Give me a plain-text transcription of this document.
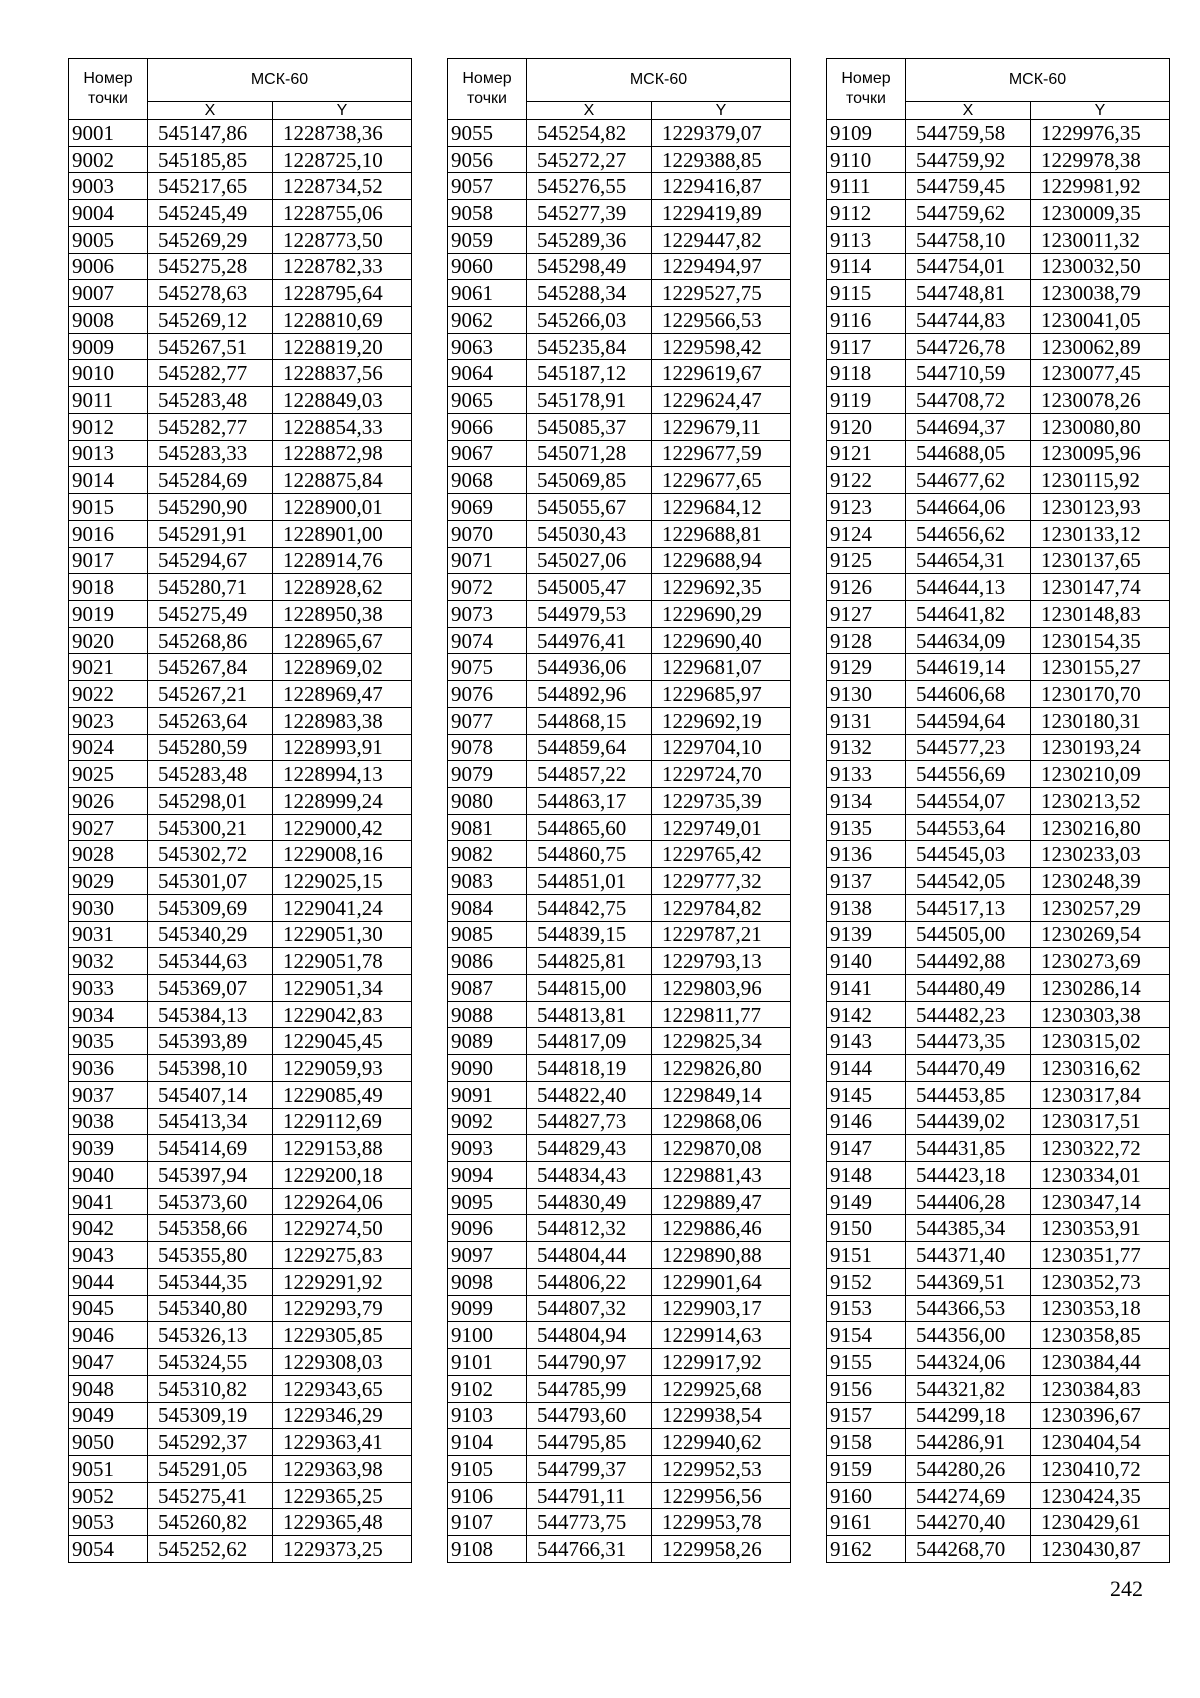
Номер точки	МСК-60	
	X	Y
9001	545147,86	1228738,36
9002	545185,85	1228725,10
9003	545217,65	1228734,52
9004	545245,49	1228755,06
9005	545269,29	1228773,50
9006	545275,28	1228782,33
9007	545278,63	1228795,64
9008	545269,12	1228810,69
9009	545267,51	1228819,20
9010	545282,77	1228837,56
9011	545283,48	1228849,03
9012	545282,77	1228854,33
9013	545283,33	1228872,98
9014	545284,69	1228875,84
9015	545290,90	1228900,01
9016	545291,91	1228901,00
9017	545294,67	1228914,76
9018	545280,71	1228928,62
9019	545275,49	1228950,38
9020	545268,86	1228965,67
9021	545267,84	1228969,02
9022	545267,21	1228969,47
9023	545263,64	1228983,38
9024	545280,59	1228993,91
9025	545283,48	1228994,13
9026	545298,01	1228999,24
9027	545300,21	1229000,42
9028	545302,72	1229008,16
9029	545301,07	1229025,15
9030	545309,69	1229041,24
9031	545340,29	1229051,30
9032	545344,63	1229051,78
9033	545369,07	1229051,34
9034	545384,13	1229042,83
9035	545393,89	1229045,45
9036	545398,10	1229059,93
9037	545407,14	1229085,49
9038	545413,34	1229112,69
9039	545414,69	1229153,88
9040	545397,94	1229200,18
9041	545373,60	1229264,06
9042	545358,66	1229274,50
9043	545355,80	1229275,83
9044	545344,35	1229291,92
9045	545340,80	1229293,79
9046	545326,13	1229305,85
9047	545324,55	1229308,03
9048	545310,82	1229343,65
9049	545309,19	1229346,29
9050	545292,37	1229363,41
9051	545291,05	1229363,98
9052	545275,41	1229365,25
9053	545260,82	1229365,48
9054	545252,62	1229373,25
Номер точки	МСК-60	
	X	Y
9055	545254,82	1229379,07
9056	545272,27	1229388,85
9057	545276,55	1229416,87
9058	545277,39	1229419,89
9059	545289,36	1229447,82
9060	545298,49	1229494,97
9061	545288,34	1229527,75
9062	545266,03	1229566,53
9063	545235,84	1229598,42
9064	545187,12	1229619,67
9065	545178,91	1229624,47
9066	545085,37	1229679,11
9067	545071,28	1229677,59
9068	545069,85	1229677,65
9069	545055,67	1229684,12
9070	545030,43	1229688,81
9071	545027,06	1229688,94
9072	545005,47	1229692,35
9073	544979,53	1229690,29
9074	544976,41	1229690,40
9075	544936,06	1229681,07
9076	544892,96	1229685,97
9077	544868,15	1229692,19
9078	544859,64	1229704,10
9079	544857,22	1229724,70
9080	544863,17	1229735,39
9081	544865,60	1229749,01
9082	544860,75	1229765,42
9083	544851,01	1229777,32
9084	544842,75	1229784,82
9085	544839,15	1229787,21
9086	544825,81	1229793,13
9087	544815,00	1229803,96
9088	544813,81	1229811,77
9089	544817,09	1229825,34
9090	544818,19	1229826,80
9091	544822,40	1229849,14
9092	544827,73	1229868,06
9093	544829,43	1229870,08
9094	544834,43	1229881,43
9095	544830,49	1229889,47
9096	544812,32	1229886,46
9097	544804,44	1229890,88
9098	544806,22	1229901,64
9099	544807,32	1229903,17
9100	544804,94	1229914,63
9101	544790,97	1229917,92
9102	544785,99	1229925,68
9103	544793,60	1229938,54
9104	544795,85	1229940,62
9105	544799,37	1229952,53
9106	544791,11	1229956,56
9107	544773,75	1229953,78
9108	544766,31	1229958,26
Номер точки	МСК-60	
	X	Y
9109	544759,58	1229976,35
9110	544759,92	1229978,38
9111	544759,45	1229981,92
9112	544759,62	1230009,35
9113	544758,10	1230011,32
9114	544754,01	1230032,50
9115	544748,81	1230038,79
9116	544744,83	1230041,05
9117	544726,78	1230062,89
9118	544710,59	1230077,45
9119	544708,72	1230078,26
9120	544694,37	1230080,80
9121	544688,05	1230095,96
9122	544677,62	1230115,92
9123	544664,06	1230123,93
9124	544656,62	1230133,12
9125	544654,31	1230137,65
9126	544644,13	1230147,74
9127	544641,82	1230148,83
9128	544634,09	1230154,35
9129	544619,14	1230155,27
9130	544606,68	1230170,70
9131	544594,64	1230180,31
9132	544577,23	1230193,24
9133	544556,69	1230210,09
9134	544554,07	1230213,52
9135	544553,64	1230216,80
9136	544545,03	1230233,03
9137	544542,05	1230248,39
9138	544517,13	1230257,29
9139	544505,00	1230269,54
9140	544492,88	1230273,69
9141	544480,49	1230286,14
9142	544482,23	1230303,38
9143	544473,35	1230315,02
9144	544470,49	1230316,62
9145	544453,85	1230317,84
9146	544439,02	1230317,51
9147	544431,85	1230322,72
9148	544423,18	1230334,01
9149	544406,28	1230347,14
9150	544385,34	1230353,91
9151	544371,40	1230351,77
9152	544369,51	1230352,73
9153	544366,53	1230353,18
9154	544356,00	1230358,85
9155	544324,06	1230384,44
9156	544321,82	1230384,83
9157	544299,18	1230396,67
9158	544286,91	1230404,54
9159	544280,26	1230410,72
9160	544274,69	1230424,35
9161	544270,40	1230429,61
9162	544268,70	1230430,87
242
